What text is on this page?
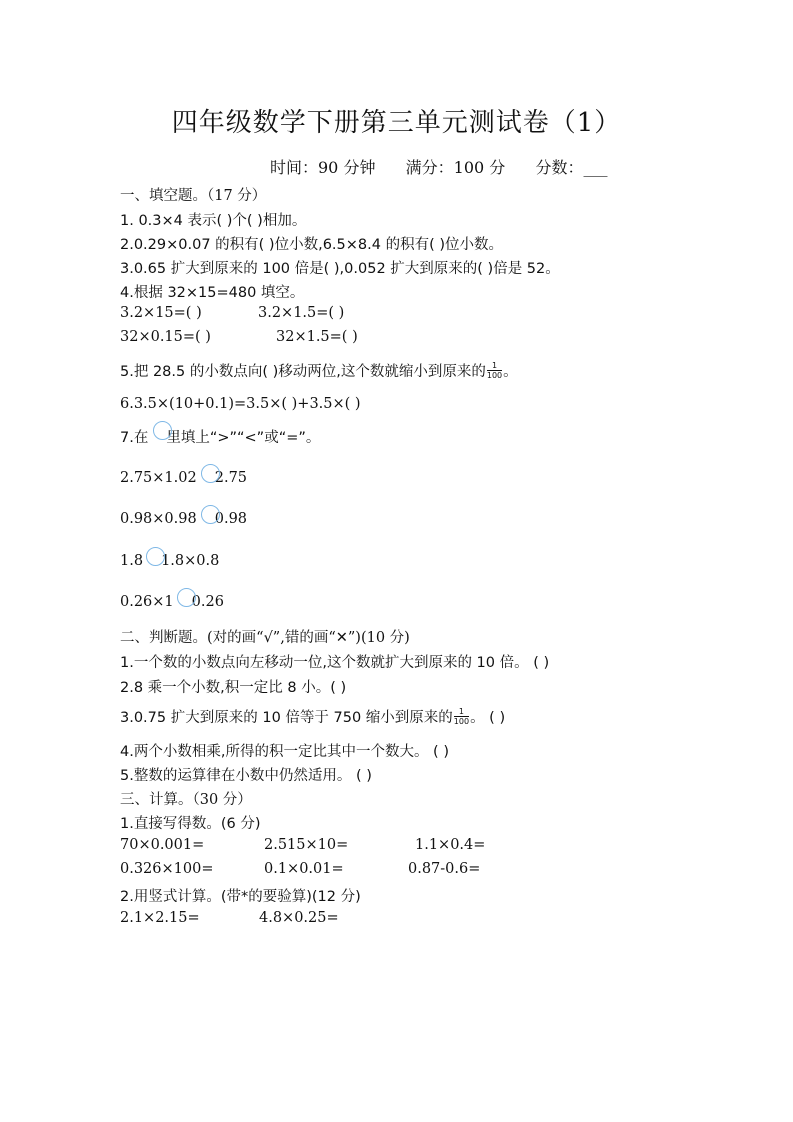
四年级数学下册第三单元测试卷（1）
时间：90 分钟 满分：100 分 分数：___
一、填空题。（17 分）
1. 0.3×4 表示( )个( )相加。
2.0.29×0.07 的积有( )位小数,6.5×8.4 的积有( )位小数。
3.0.65 扩大到原来的 100 倍是( ),0.052 扩大到原来的( )倍是 52。
4.根据 32×15=480 填空。
3.2×15=( )	3.2×1.5=( )
32×0.15=( )	32×1.5=( )
5.把 28.5 的小数点向( )移动两位,这个数就缩小到原来的 $\frac{1}{100}$ 。
6.3.5×(10+0.1)=3.5×( )+3.5×( )
7.在 里填上“>”“<”或“=”。
2.75×1.02 2.75
0.98×0.98 0.98
1.8 1.8×0.8
0.26×1 0.26
二、判断题。(对的画“√”,错的画“✕”)(10 分)
1.一个数的小数点向左移动一位,这个数就扩大到原来的 10 倍。 ( )
2.8 乘一个小数,积一定比 8 小。( )
3.0.75 扩大到原来的 10 倍等于 750 缩小到原来的 $\frac{1}{100}$ 。 ( )
4.两个小数相乘,所得的积一定比其中一个数大。 ( )
5.整数的运算律在小数中仍然适用。 ( )
三、计算。（30 分）
1.直接写得数。(6 分)
70×0.001=	2.515×10=	1.1×0.4=
0.326×100=	0.1×0.01=	0.87-0.6=
2.用竖式计算。(带*的要验算)(12 分)
2.1×2.15=	4.8×0.25=
